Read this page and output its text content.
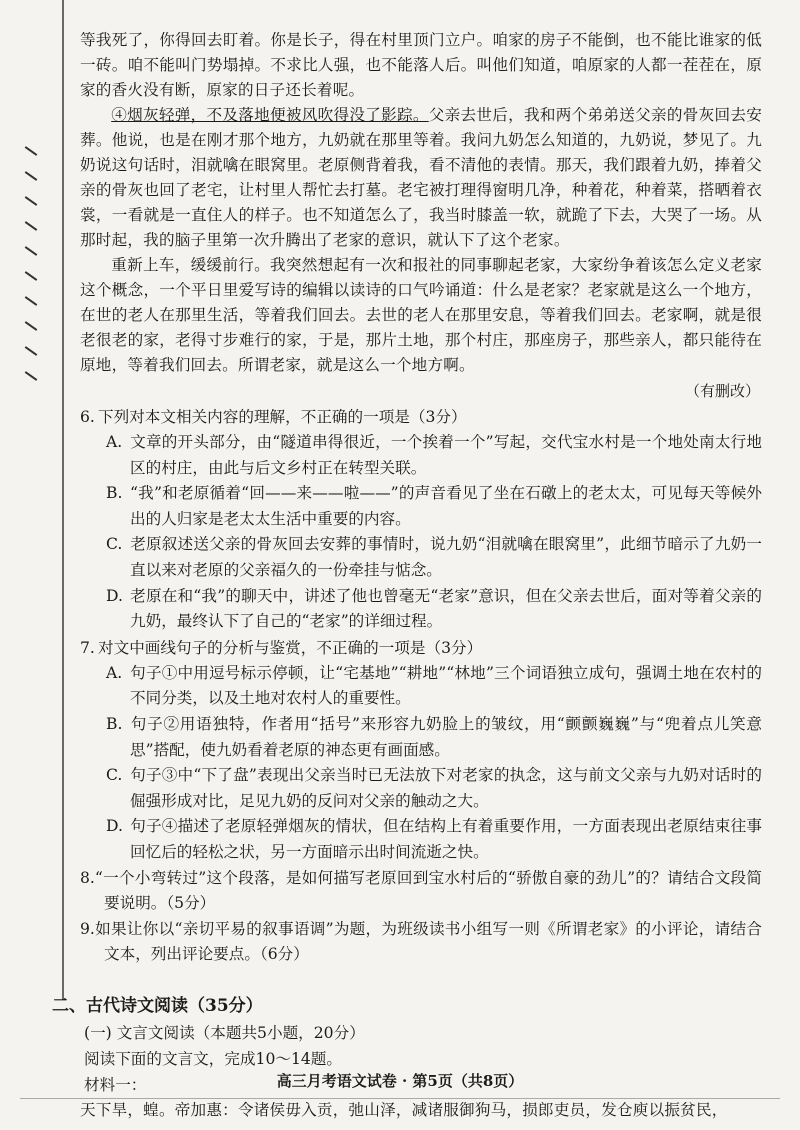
等我死了，你得回去盯着。你是长子，得在村里顶门立户。咱家的房子不能倒，也不能比谁家的低一砖。咱不能叫门势塌掉。不求比人强，也不能落人后。叫他们知道，咱原家的人都一茬茬在，原家的香火没有断，原家的日子还长着呢。

④烟灰轻弹，不及落地便被风吹得没了影踪。父亲去世后，我和两个弟弟送父亲的骨灰回去安葬。他说，也是在刚才那个地方，九奶就在那里等着。我问九奶怎么知道的，九奶说，梦见了。九奶说这句话时，泪就噙在眼窝里。老原侧背着我，看不清他的表情。那天，我们跟着九奶，捧着父亲的骨灰也回了老宅，让村里人帮忙去打墓。老宅被打理得窗明几净，种着花，种着菜，搭晒着衣裳，一看就是一直住人的样子。也不知道怎么了，我当时膝盖一软，就跪了下去，大哭了一场。从那时起，我的脑子里第一次升腾出了老家的意识，就认下了这个老家。

重新上车，缓缓前行。我突然想起有一次和报社的同事聊起老家，大家纷争着该怎么定义老家这个概念，一个平日里爱写诗的编辑以读诗的口气吟诵道：什么是老家？老家就是这么一个地方，在世的老人在那里生活，等着我们回去。去世的老人在那里安息，等着我们回去。老家啊，就是很老很老的家，老得寸步难行的家，于是，那片土地，那个村庄，那座房子，那些亲人，都只能待在原地，等着我们回去。所谓老家，就是这么一个地方啊。

（有删改）

6. 下列对本文相关内容的理解，不正确的一项是（3分）

A. 文章的开头部分，由“隧道串得很近，一个挨着一个”写起，交代宝水村是一个地处南太行地区的村庄，由此与后文乡村正在转型关联。

B. “我”和老原循着“回——来——啦——”的声音看见了坐在石礅上的老太太，可见每天等候外出的人归家是老太太生活中重要的内容。

C. 老原叙述送父亲的骨灰回去安葬的事情时，说九奶“泪就噙在眼窝里”，此细节暗示了九奶一直以来对老原的父亲福久的一份牵挂与惦念。

D. 老原在和“我”的聊天中，讲述了他也曾毫无“老家”意识，但在父亲去世后，面对等着父亲的九奶，最终认下了自己的“老家”的详细过程。

7. 对文中画线句子的分析与鉴赏，不正确的一项是（3分）

A. 句子①中用逗号标示停顿，让“宅基地”“耕地”“林地”三个词语独立成句，强调土地在农村的不同分类，以及土地对农村人的重要性。

B. 句子②用语独特，作者用“括号”来形容九奶脸上的皱纹，用“颤颤巍巍”与“兜着点儿笑意思”搭配，使九奶看着老原的神态更有画面感。

C. 句子③中“下了盘”表现出父亲当时已无法放下对老家的执念，这与前文父亲与九奶对话时的倔强形成对比，足见九奶的反问对父亲的触动之大。

D. 句子④描述了老原轻弹烟灰的情状，但在结构上有着重要作用，一方面表现出老原结束往事回忆后的轻松之状，另一方面暗示出时间流逝之快。

8.“一个小弯转过”这个段落，是如何描写老原回到宝水村后的“骄傲自豪的劲儿”的？请结合文段简要说明。（5分）

9.如果让你以“亲切平易的叙事语调”为题，为班级读书小组写一则《所谓老家》的小评论，请结合文本，列出评论要点。（6分）

二、古代诗文阅读（35分）

(一) 文言文阅读（本题共5小题，20分）

阅读下面的文言文，完成10～14题。

材料一：

天下旱，蝗。帝加惠：令诸侯毋入贡，弛山泽，减诸服御狗马，损郎吏员，发仓庾以振贫民，

高三月考语文试卷 · 第5页（共8页）
